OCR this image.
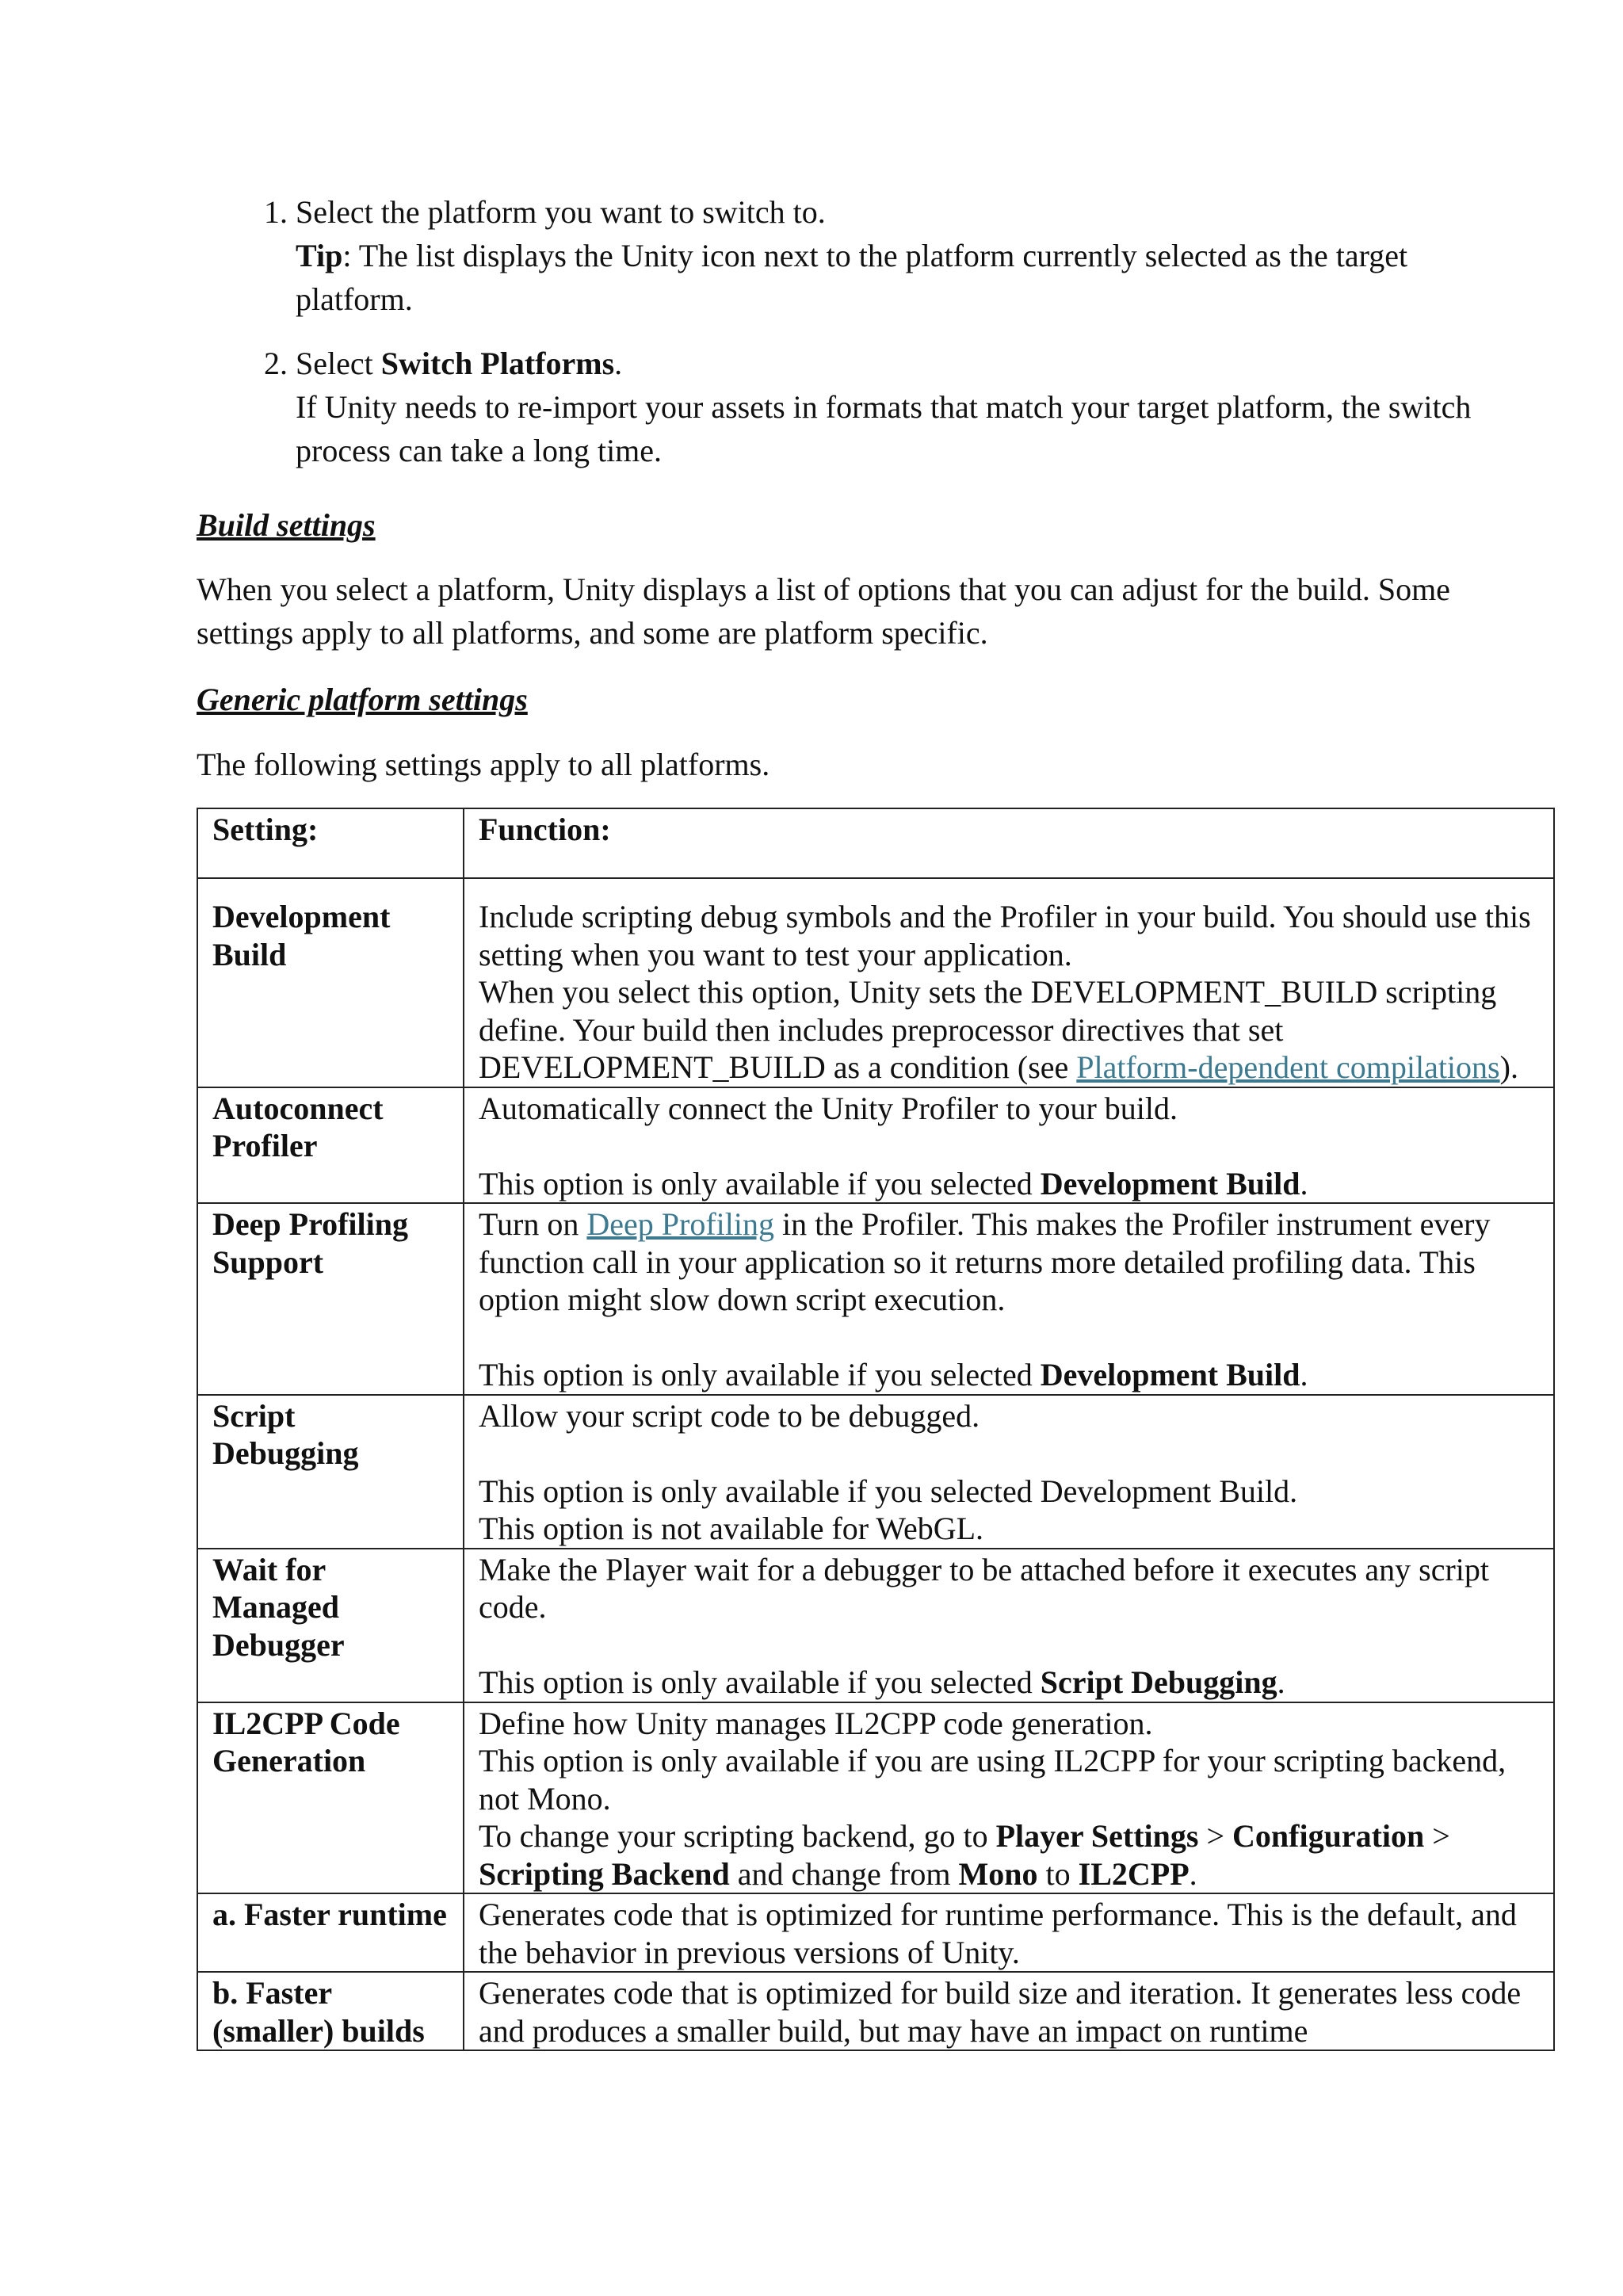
1. Select the platform you want to switch to.
Tip: The list displays the Unity icon next to the platform currently selected as the target platform.
2. Select Switch Platforms.
If Unity needs to re-import your assets in formats that match your target platform, the switch process can take a long time.
Build settings

When you select a platform, Unity displays a list of options that you can adjust for the build. Some settings apply to all platforms, and some are platform specific.

Generic platform settings

The following settings apply to all platforms.

Setting:	Function:
Development Build	Include scripting debug symbols and the Profiler in your build. You should use this setting when you want to test your application.
When you select this option, Unity sets the DEVELOPMENT_BUILD scripting define. Your build then includes preprocessor directives that set DEVELOPMENT_BUILD as a condition (see Platform-dependent compilations).

Autoconnect Profiler	Automatically connect the Unity Profiler to your build.
This option is only available if you selected Development Build.

Deep Profiling Support	Turn on Deep Profiling in the Profiler. This makes the Profiler instrument every function call in your application so it returns more detailed profiling data. This option might slow down script execution.
This option is only available if you selected Development Build.

Script Debugging	Allow your script code to be debugged.
This option is only available if you selected Development Build.
This option is not available for WebGL.

Wait for Managed Debugger	Make the Player wait for a debugger to be attached before it executes any script code.
This option is only available if you selected Script Debugging.

IL2CPP Code Generation	Define how Unity manages IL2CPP code generation.
This option is only available if you are using IL2CPP for your scripting backend, not Mono.
To change your scripting backend, go to Player Settings > Configuration > Scripting Backend and change from Mono to IL2CPP.

a. Faster runtime	Generates code that is optimized for runtime performance. This is the default, and the behavior in previous versions of Unity.
b. Faster (smaller) builds	Generates code that is optimized for build size and iteration. It generates less code and produces a smaller build, but may have an impact on runtime
